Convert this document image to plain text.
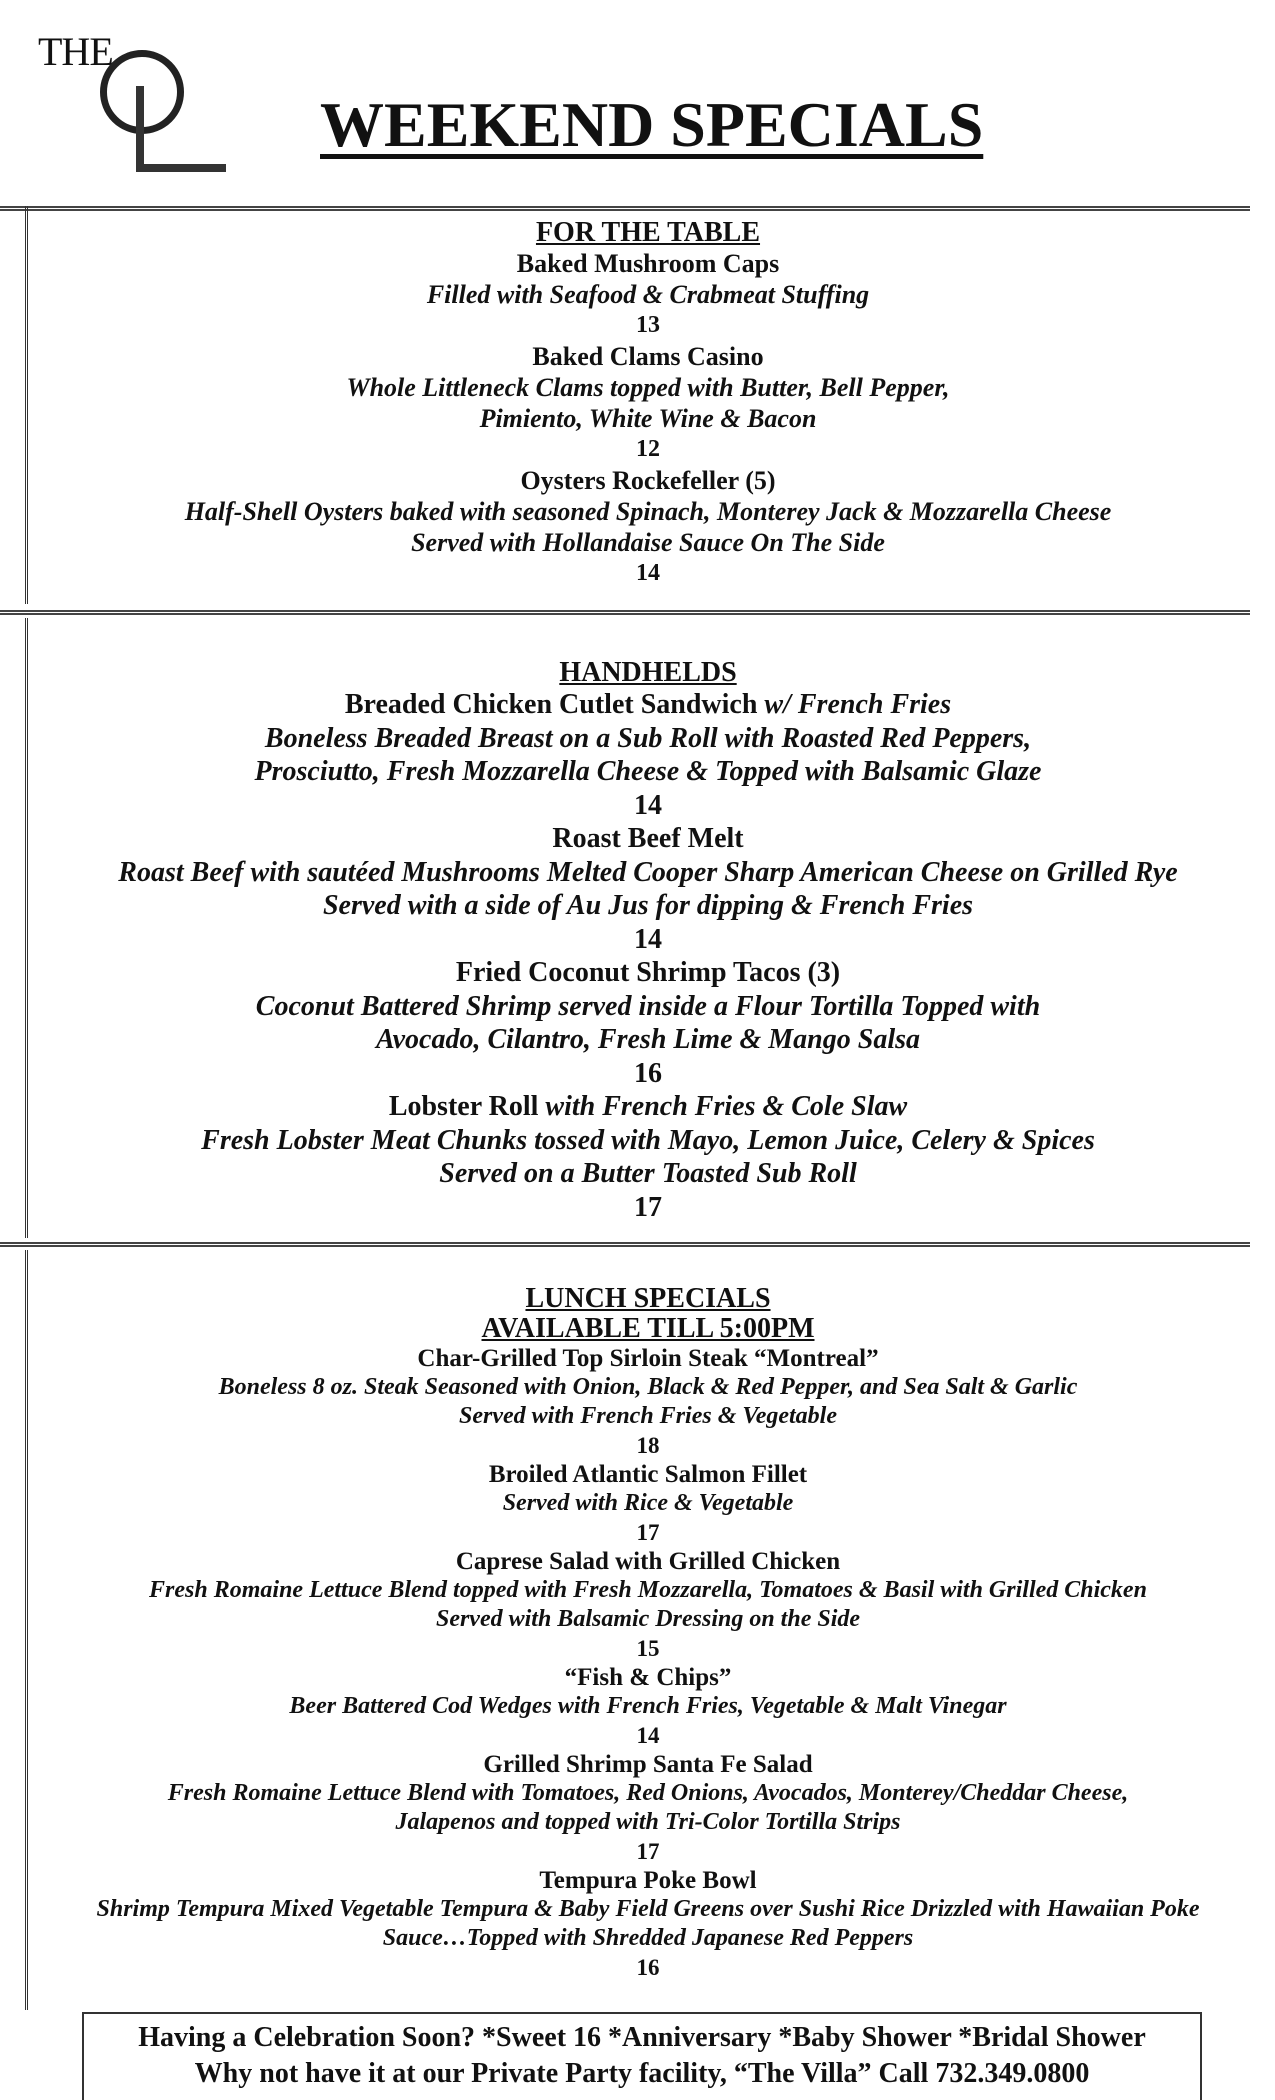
THE
WEEKEND SPECIALS
FOR THE TABLE
Baked Mushroom Caps
Filled with Seafood & Crabmeat Stuffing
13
Baked Clams Casino
Whole Littleneck Clams topped with Butter, Bell Pepper,
Pimiento, White Wine & Bacon
12
Oysters Rockefeller (5)
Half-Shell Oysters baked with seasoned Spinach, Monterey Jack & Mozzarella Cheese
Served with Hollandaise Sauce On The Side
14
HANDHELDS
Breaded Chicken Cutlet Sandwich w/ French Fries
Boneless Breaded Breast on a Sub Roll with Roasted Red Peppers,
Prosciutto, Fresh Mozzarella Cheese & Topped with Balsamic Glaze
14
Roast Beef Melt
Roast Beef with sautéed Mushrooms Melted Cooper Sharp American Cheese on Grilled Rye
Served with a side of Au Jus for dipping & French Fries
14
Fried Coconut Shrimp Tacos (3)
Coconut Battered Shrimp served inside a Flour Tortilla Topped with
Avocado, Cilantro, Fresh Lime & Mango Salsa
16
Lobster Roll with French Fries & Cole Slaw
Fresh Lobster Meat Chunks tossed with Mayo, Lemon Juice, Celery & Spices
Served on a Butter Toasted Sub Roll
17
LUNCH SPECIALS
AVAILABLE TILL 5:00PM
Char-Grilled Top Sirloin Steak “Montreal”
Boneless 8 oz. Steak Seasoned with Onion, Black & Red Pepper, and Sea Salt & Garlic
Served with French Fries & Vegetable
18
Broiled Atlantic Salmon Fillet
Served with Rice & Vegetable
17
Caprese Salad with Grilled Chicken
Fresh Romaine Lettuce Blend topped with Fresh Mozzarella, Tomatoes & Basil with Grilled Chicken
Served with Balsamic Dressing on the Side
15
“Fish & Chips”
Beer Battered Cod Wedges with French Fries, Vegetable & Malt Vinegar
14
Grilled Shrimp Santa Fe Salad
Fresh Romaine Lettuce Blend with Tomatoes, Red Onions, Avocados, Monterey/Cheddar Cheese,
Jalapenos and topped with Tri-Color Tortilla Strips
17
Tempura Poke Bowl
Shrimp Tempura Mixed Vegetable Tempura & Baby Field Greens over Sushi Rice Drizzled with Hawaiian Poke
Sauce…Topped with Shredded Japanese Red Peppers
16
Having a Celebration Soon? *Sweet 16 *Anniversary *Baby Shower *Bridal Shower
Why not have it at our Private Party facility, “The Villa” Call 732.349.0800
